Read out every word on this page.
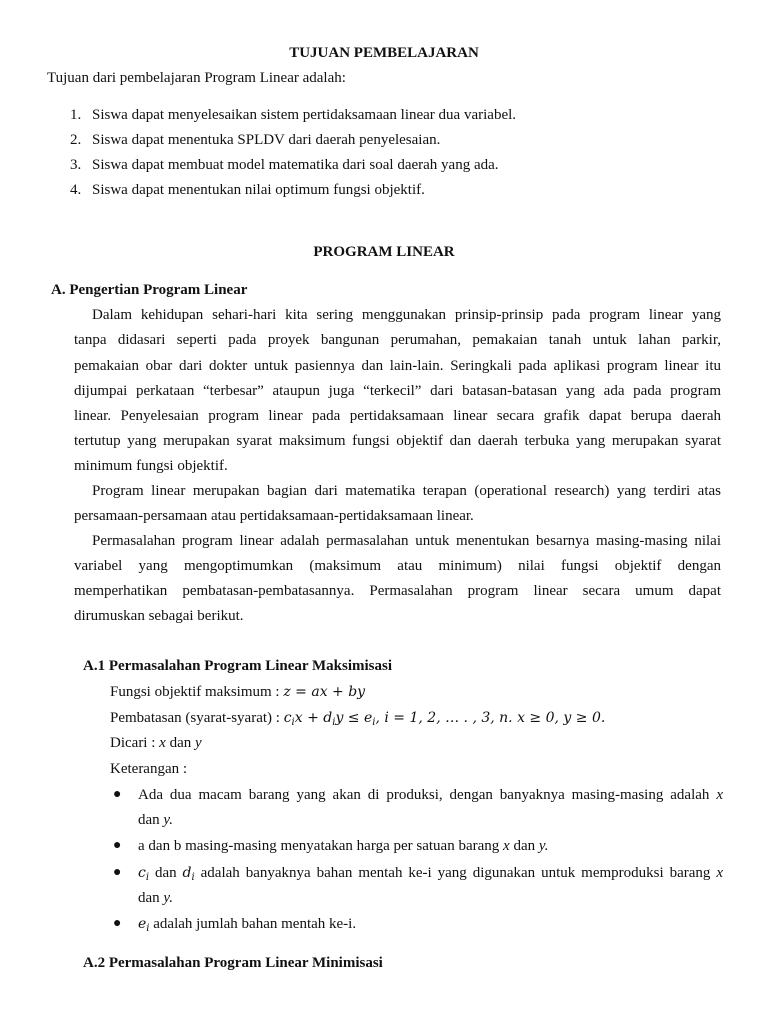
TUJUAN PEMBELAJARAN
Tujuan dari pembelajaran Program Linear adalah:
1. Siswa dapat menyelesaikan sistem pertidaksamaan linear dua variabel.
2. Siswa dapat menentuka SPLDV dari daerah penyelesaian.
3. Siswa dapat membuat model matematika dari soal daerah yang ada.
4. Siswa dapat menentukan nilai optimum fungsi objektif.
PROGRAM LINEAR
A. Pengertian Program Linear
Dalam kehidupan sehari-hari kita sering menggunakan prinsip-prinsip pada program linear yang
tanpa didasari seperti pada proyek bangunan perumahan, pemakaian tanah untuk lahan parkir,
pemakaian obar dari dokter untuk pasiennya dan lain-lain. Seringkali pada aplikasi program linear itu
dijumpai perkataan “terbesar” ataupun juga “terkecil” dari batasan-batasan yang ada pada program
linear. Penyelesaian program linear pada pertidaksamaan linear secara grafik dapat berupa daerah
tertutup yang merupakan syarat maksimum fungsi objektif dan daerah terbuka yang merupakan syarat
minimum fungsi objektif.
Program linear merupakan bagian dari matematika terapan (operational research) yang terdiri atas
persamaan-persamaan atau pertidaksamaan-pertidaksamaan linear.
Permasalahan program linear adalah permasalahan untuk menentukan besarnya masing-masing nilai
variabel yang mengoptimumkan (maksimum atau minimum) nilai fungsi objektif dengan
memperhatikan pembatasan-pembatasannya. Permasalahan program linear secara umum dapat
dirumuskan sebagai berikut.
A.1 Permasalahan Program Linear Maksimisasi
Fungsi objektif maksimum : z = ax + by
Pembatasan (syarat-syarat) : $c_ix + d_iy \le e_i$, i = 1, 2, … . , 3, n. x ≥ 0, y ≥ 0.
Dicari : x dan y
Keterangan :
● Ada dua macam barang yang akan di produksi, dengan banyaknya masing-masing adalah x
dan y.
● a dan b masing-masing menyatakan harga per satuan barang x dan y.
● $c_i$ dan $d_i$ adalah banyaknya bahan mentah ke-i yang digunakan untuk memproduksi barang x
dan y.
● $e_i$ adalah jumlah bahan mentah ke-i.
A.2 Permasalahan Program Linear Minimisasi
